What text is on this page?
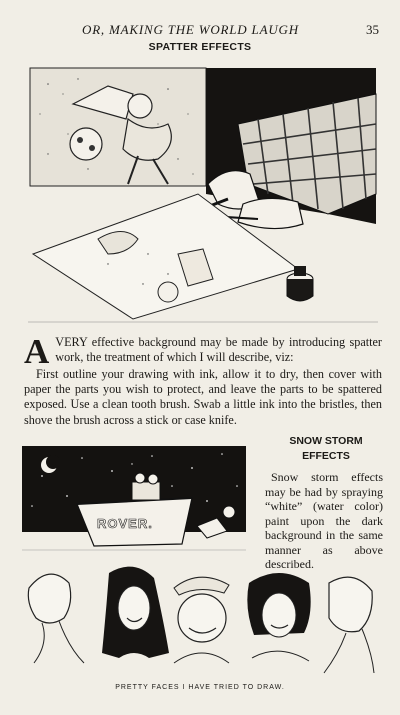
OR, MAKING THE WORLD LAUGH	35
SPATTER EFFECTS

AVERY effective background may be made by introducing spatter work, the treatment of which I will describe, viz:

First outline your drawing with ink, allow it to dry, then cover with paper the parts you wish to protect, and leave the parts to be spattered exposed. Use a clean tooth brush. Swab a little ink into the bristles, then shove the brush across a stick or case knife.

SNOW STORM
EFFECTS
ROVER.

Snow storm effects may be had by spraying “white” (water color) paint upon the dark background in the same manner as above described.

PRETTY FACES I HAVE TRIED TO DRAW.
